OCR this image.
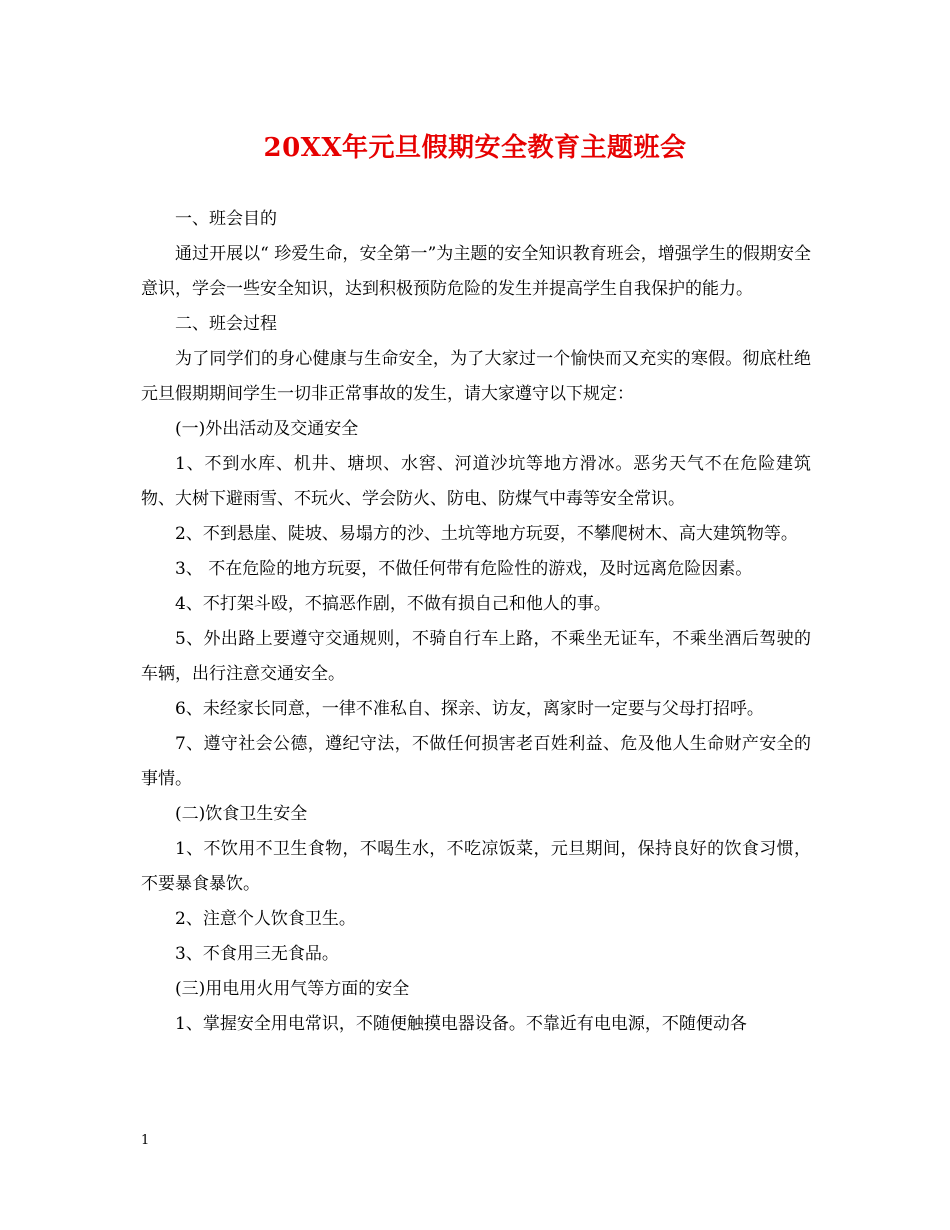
20XX年元旦假期安全教育主题班会

一、班会目的

通过开展以“ 珍爱生命，安全第一”为主题的安全知识教育班会，增强学生的假期安全意识，学会一些安全知识，达到积极预防危险的发生并提高学生自我保护的能力。

二、班会过程

为了同学们的身心健康与生命安全，为了大家过一个愉快而又充实的寒假。彻底杜绝元旦假期期间学生一切非正常事故的发生，请大家遵守以下规定：

(一)外出活动及交通安全

1、不到水库、机井、塘坝、水窖、河道沙坑等地方滑冰。恶劣天气不在危险建筑物、大树下避雨雪、不玩火、学会防火、防电、防煤气中毒等安全常识。

2、不到悬崖、陡坡、易塌方的沙、土坑等地方玩耍，不攀爬树木、高大建筑物等。

3、 不在危险的地方玩耍，不做任何带有危险性的游戏，及时远离危险因素。

4、不打架斗殴，不搞恶作剧，不做有损自己和他人的事。

5、外出路上要遵守交通规则，不骑自行车上路，不乘坐无证车，不乘坐酒后驾驶的车辆，出行注意交通安全。

6、未经家长同意，一律不准私自、探亲、访友，离家时一定要与父母打招呼。

7、遵守社会公德，遵纪守法，不做任何损害老百姓利益、危及他人生命财产安全的事情。

(二)饮食卫生安全

1、不饮用不卫生食物，不喝生水，不吃凉饭菜，元旦期间，保持良好的饮食习惯，不要暴食暴饮。

2、注意个人饮食卫生。

3、不食用三无食品。

(三)用电用火用气等方面的安全

1、掌握安全用电常识，不随便触摸电器设备。不靠近有电电源，不随便动各

1
